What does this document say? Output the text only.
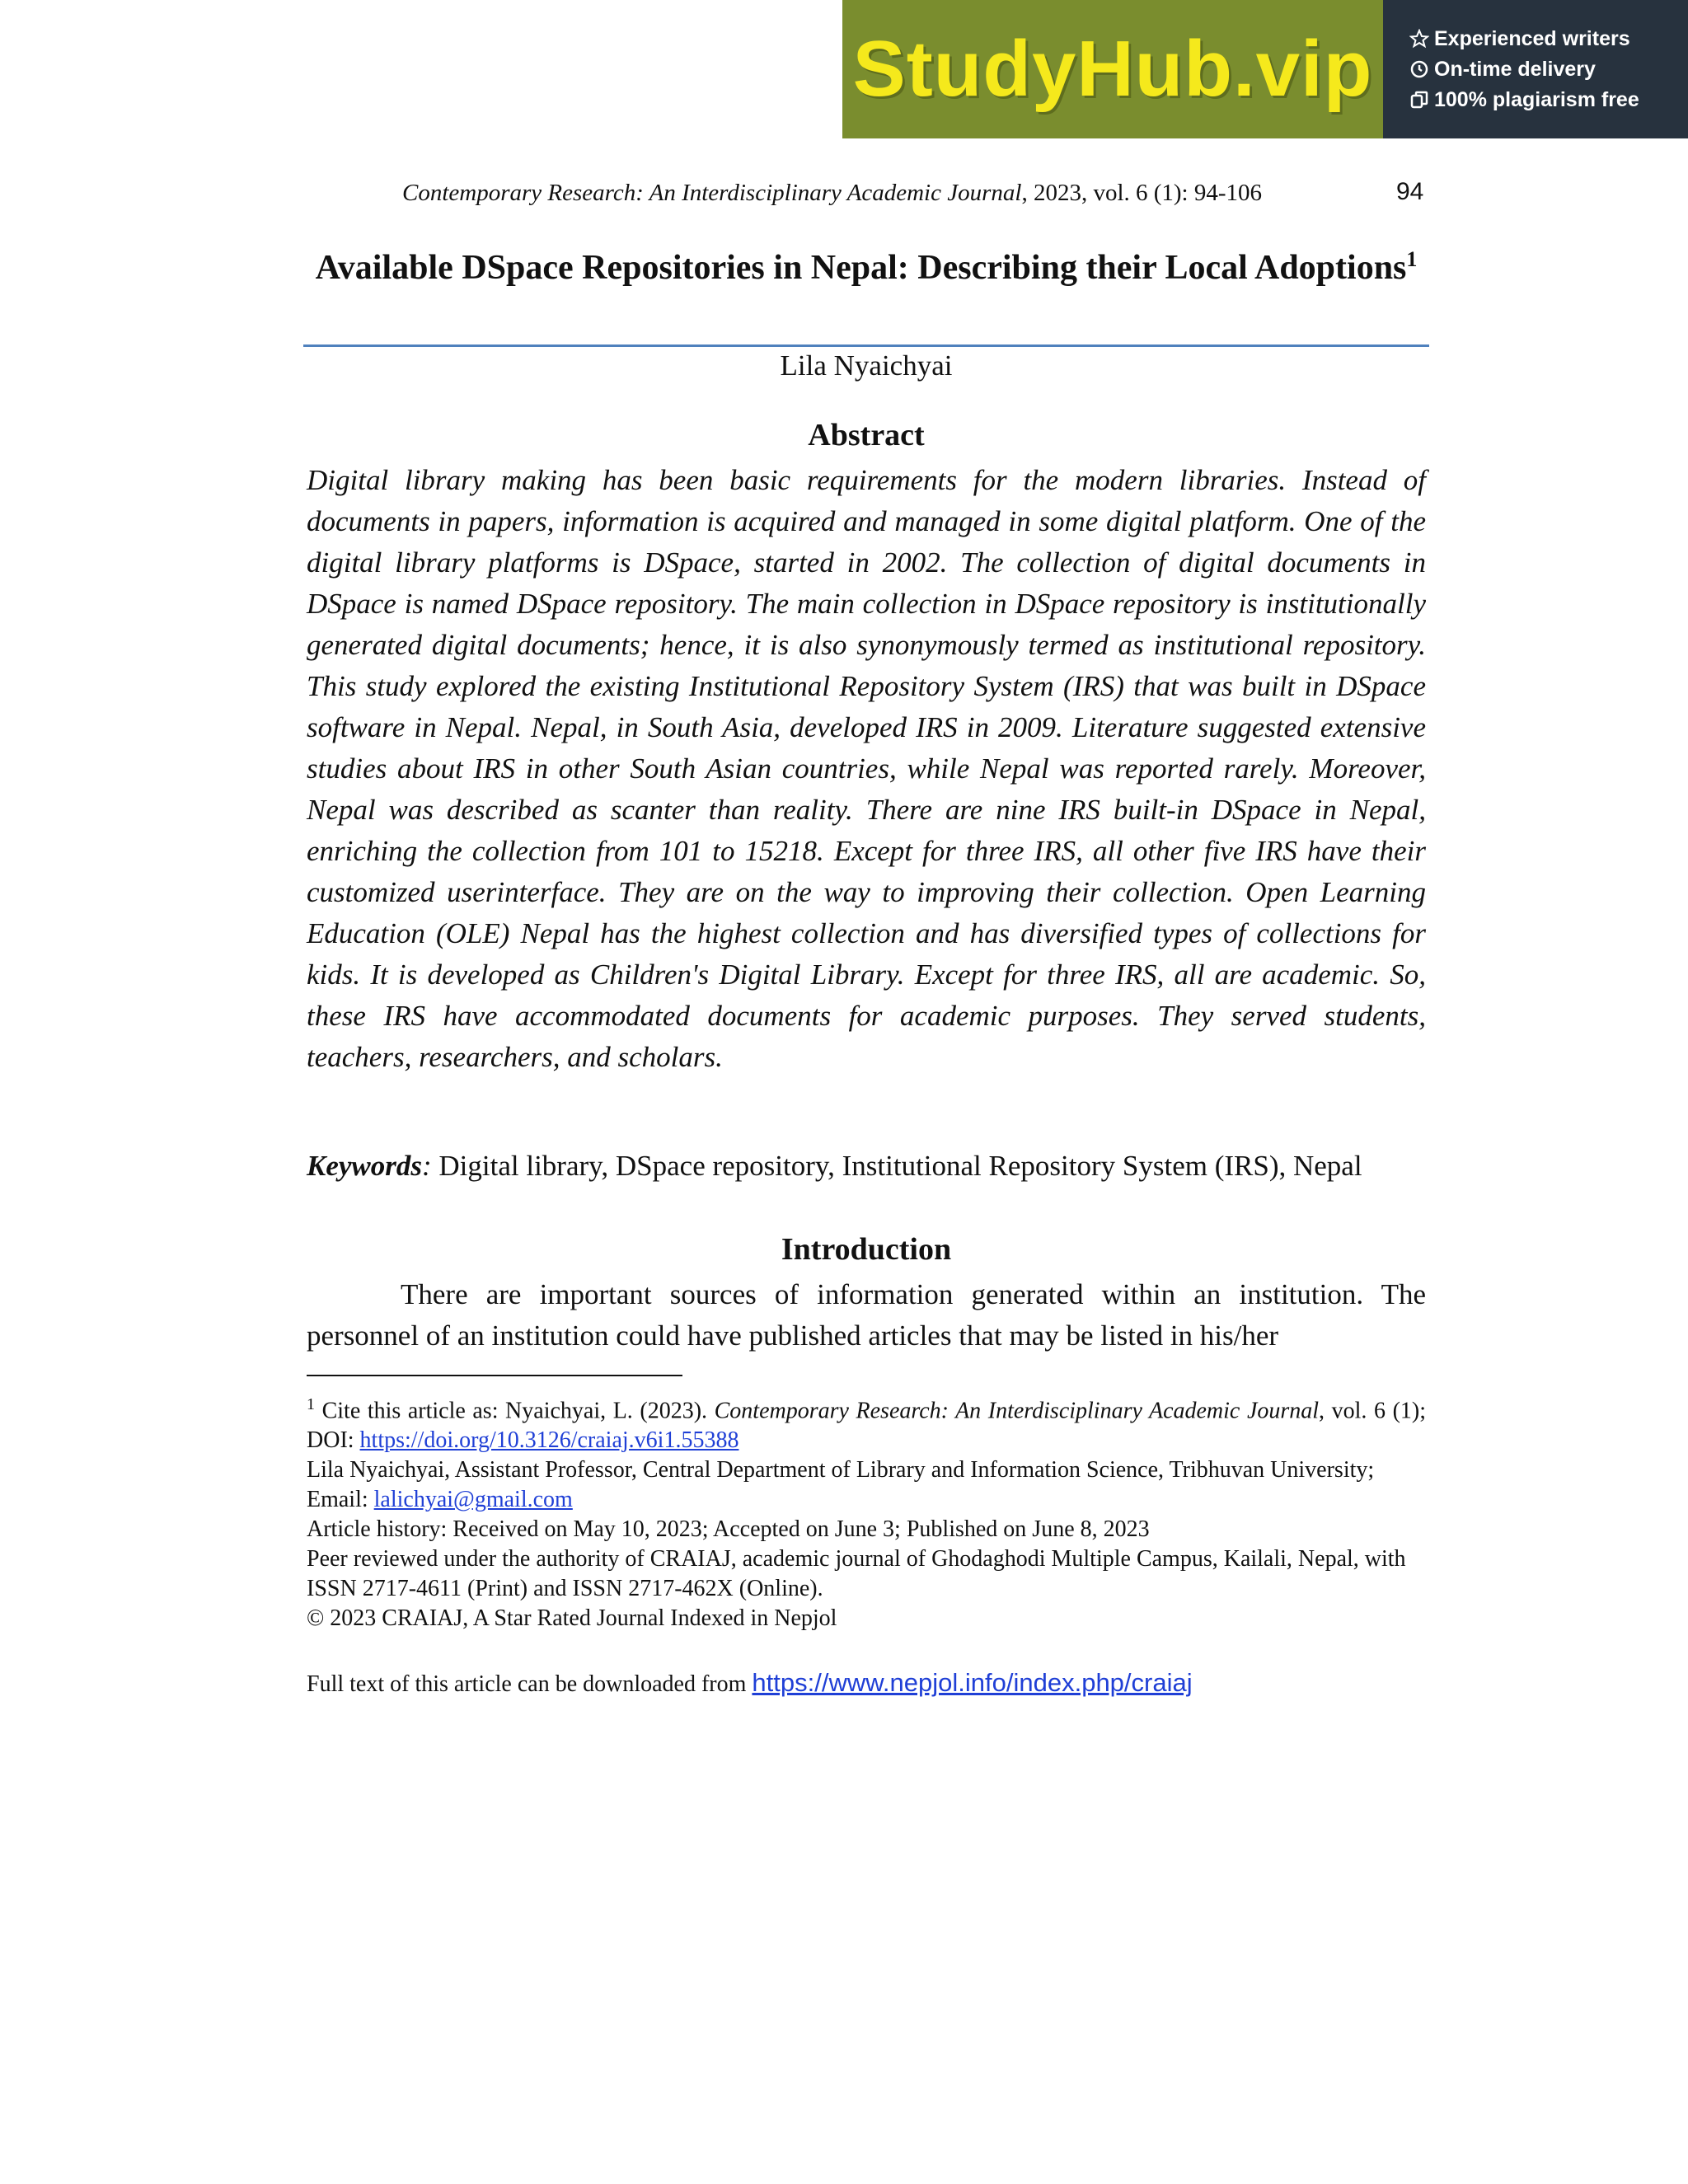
StudyHub.vip	Experienced writers
On-time delivery
100% plagiarism free
Contemporary Research: An Interdisciplinary Academic Journal, 2023, vol. 6 (1): 94-106	94
Available DSpace Repositories in Nepal: Describing their Local Adoptions$^1$
Lila Nyaichyai
Abstract

Digital library making has been basic requirements for the modern libraries. Instead of documents in papers, information is acquired and managed in some digital platform. One of the digital library platforms is DSpace, started in 2002. The collection of digital documents in DSpace is named DSpace repository. The main collection in DSpace repository is institutionally generated digital documents; hence, it is also synonymously termed as institutional repository. This study explored the existing Institutional Repository System (IRS) that was built in DSpace software in Nepal. Nepal, in South Asia, developed IRS in 2009. Literature suggested extensive studies about IRS in other South Asian countries, while Nepal was reported rarely. Moreover, Nepal was described as scanter than reality. There are nine IRS built-in DSpace in Nepal, enriching the collection from 101 to 15218. Except for three IRS, all other five IRS have their customized userinterface. They are on the way to improving their collection. Open Learning Education (OLE) Nepal has the highest collection and has diversified types of collections for kids. It is developed as Children's Digital Library. Except for three IRS, all are academic. So, these IRS have accommodated documents for academic purposes. They served students, teachers, researchers, and scholars.

Keywords: Digital library, DSpace repository, Institutional Repository System (IRS), Nepal

Introduction

There are important sources of information generated within an institution. The personnel of an institution could have published articles that may be listed in his/her

$^1$ Cite this article as: Nyaichyai, L. (2023). Contemporary Research: An Interdisciplinary Academic Journal, vol. 6 (1); DOI: https://doi.org/10.3126/craiaj.v6i1.55388

Lila Nyaichyai, Assistant Professor, Central Department of Library and Information Science, Tribhuvan University; Email: lalichyai@gmail.com

Article history: Received on May 10, 2023; Accepted on June 3; Published on June 8, 2023

Peer reviewed under the authority of CRAIAJ, academic journal of Ghodaghodi Multiple Campus, Kailali, Nepal, with ISSN 2717-4611 (Print) and ISSN 2717-462X (Online).

© 2023 CRAIAJ, A Star Rated Journal Indexed in Nepjol

Full text of this article can be downloaded from https://www.nepjol.info/index.php/craiaj
